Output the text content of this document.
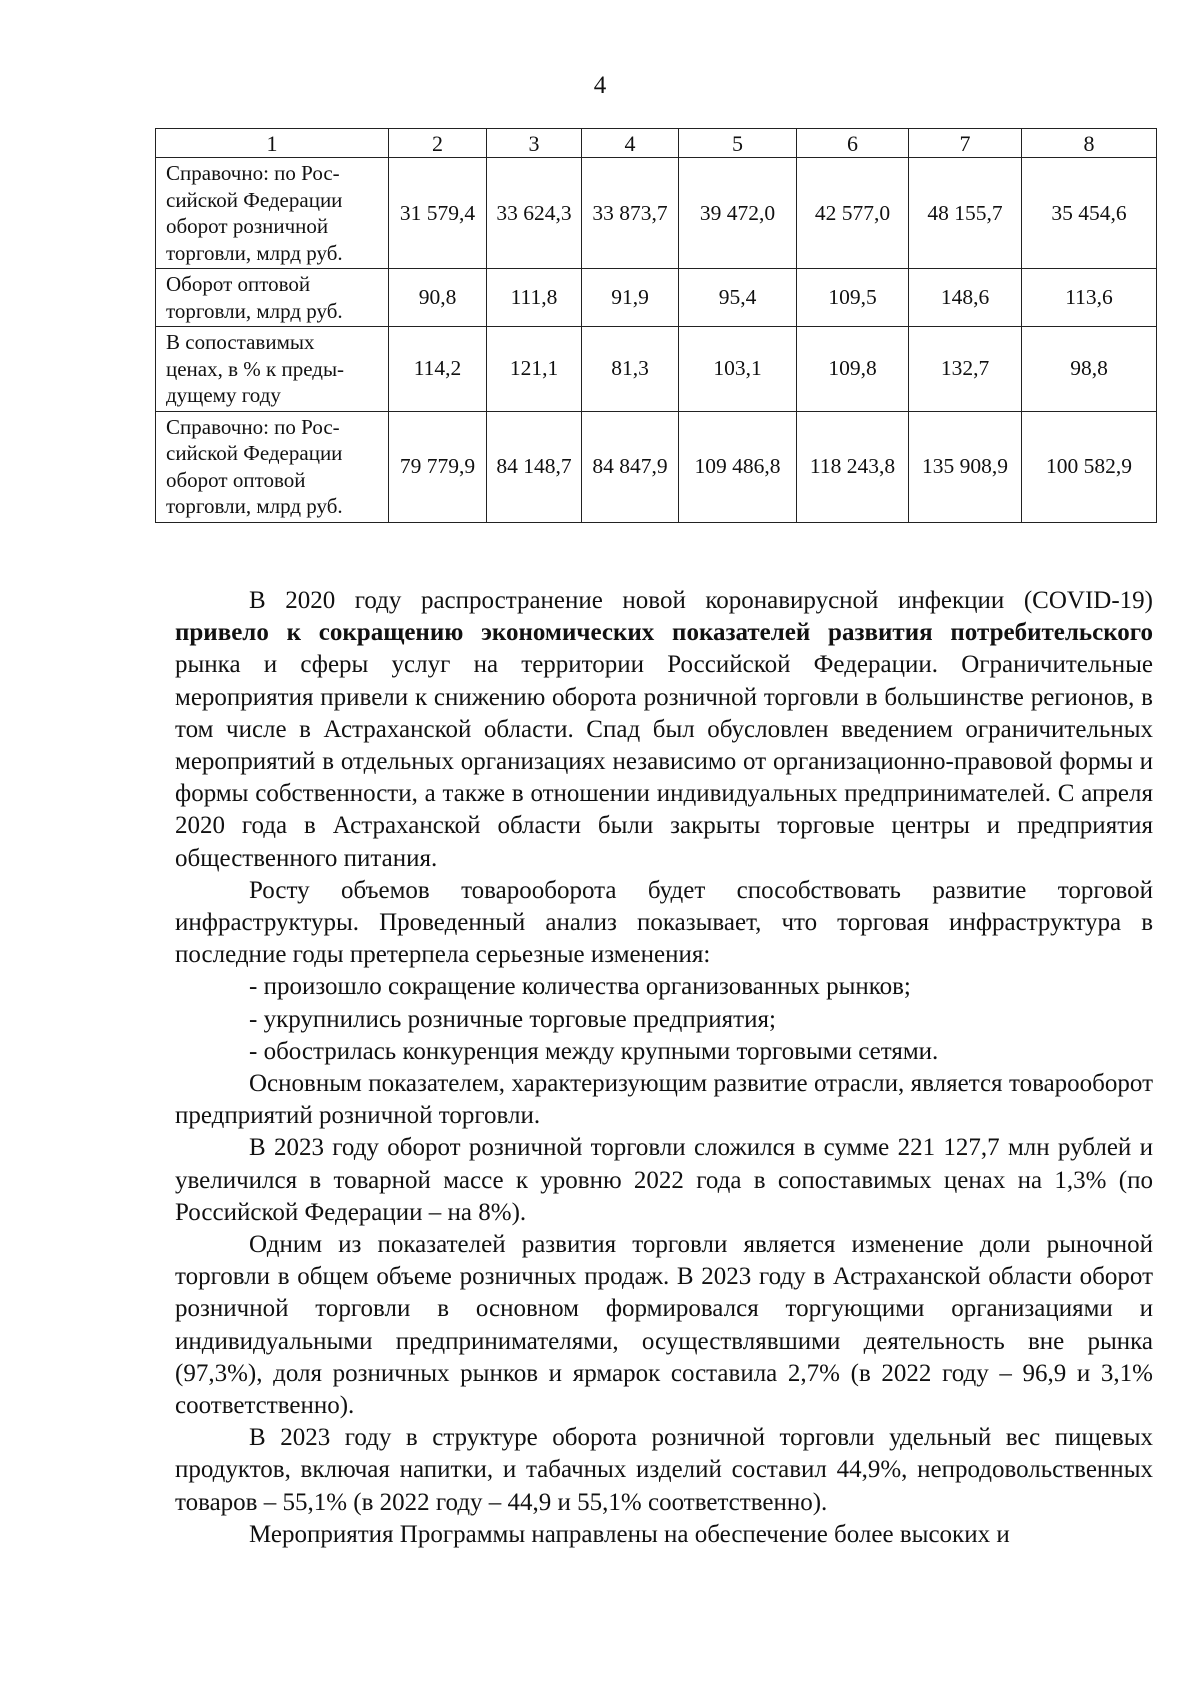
4
1	2	3	4	5	6	7	8
Справочно: по Рос-
сийской Федерации
оборот розничной
торговли, млрд руб.	31 579,4	33 624,3	33 873,7	39 472,0	42 577,0	48 155,7	35 454,6
Оборот оптовой
торговли, млрд руб.	90,8	111,8	91,9	95,4	109,5	148,6	113,6
В сопоставимых
ценах, в % к преды-
дущему году	114,2	121,1	81,3	103,1	109,8	132,7	98,8
Справочно: по Рос-
сийской Федерации
оборот оптовой
торговли, млрд руб.	79 779,9	84 148,7	84 847,9	109 486,8	118 243,8	135 908,9	100 582,9

В 2020 году распространение новой коронавирусной инфекции (COVID-19) привело к сокращению экономических показателей развития потребительского рынка и сферы услуг на территории Российской Федерации. Ограничительные мероприятия привели к снижению оборота розничной торговли в большинстве регионов, в том числе в Астраханской области. Спад был обусловлен введением ограничительных мероприятий в отдельных организациях независимо от организационно-правовой формы и формы собственности, а также в отношении индивидуальных предпринимателей. С апреля 2020 года в Астраханской области были закрыты торговые центры и предприятия общественного питания.

Росту объемов товарооборота будет способствовать развитие торговой инфраструктуры. Проведенный анализ показывает, что торговая инфраструктура в последние годы претерпела серьезные изменения:

- произошло сокращение количества организованных рынков;

- укрупнились розничные торговые предприятия;

- обострилась конкуренция между крупными торговыми сетями.

Основным показателем, характеризующим развитие отрасли, является товарооборот предприятий розничной торговли.

В 2023 году оборот розничной торговли сложился в сумме 221 127,7 млн рублей и увеличился в товарной массе к уровню 2022 года в сопоставимых ценах на 1,3% (по Российской Федерации – на 8%).

Одним из показателей развития торговли является изменение доли рыночной торговли в общем объеме розничных продаж. В 2023 году в Астраханской области оборот розничной торговли в основном формировался торгующими организациями и индивидуальными предпринимателями, осуществлявшими деятельность вне рынка (97,3%), доля розничных рынков и ярмарок составила 2,7% (в 2022 году – 96,9 и 3,1% соответственно).

В 2023 году в структуре оборота розничной торговли удельный вес пищевых продуктов, включая напитки, и табачных изделий составил 44,9%, непродовольственных товаров – 55,1% (в 2022 году – 44,9 и 55,1% соответственно).

Мероприятия Программы направлены на обеспечение более высоких и
